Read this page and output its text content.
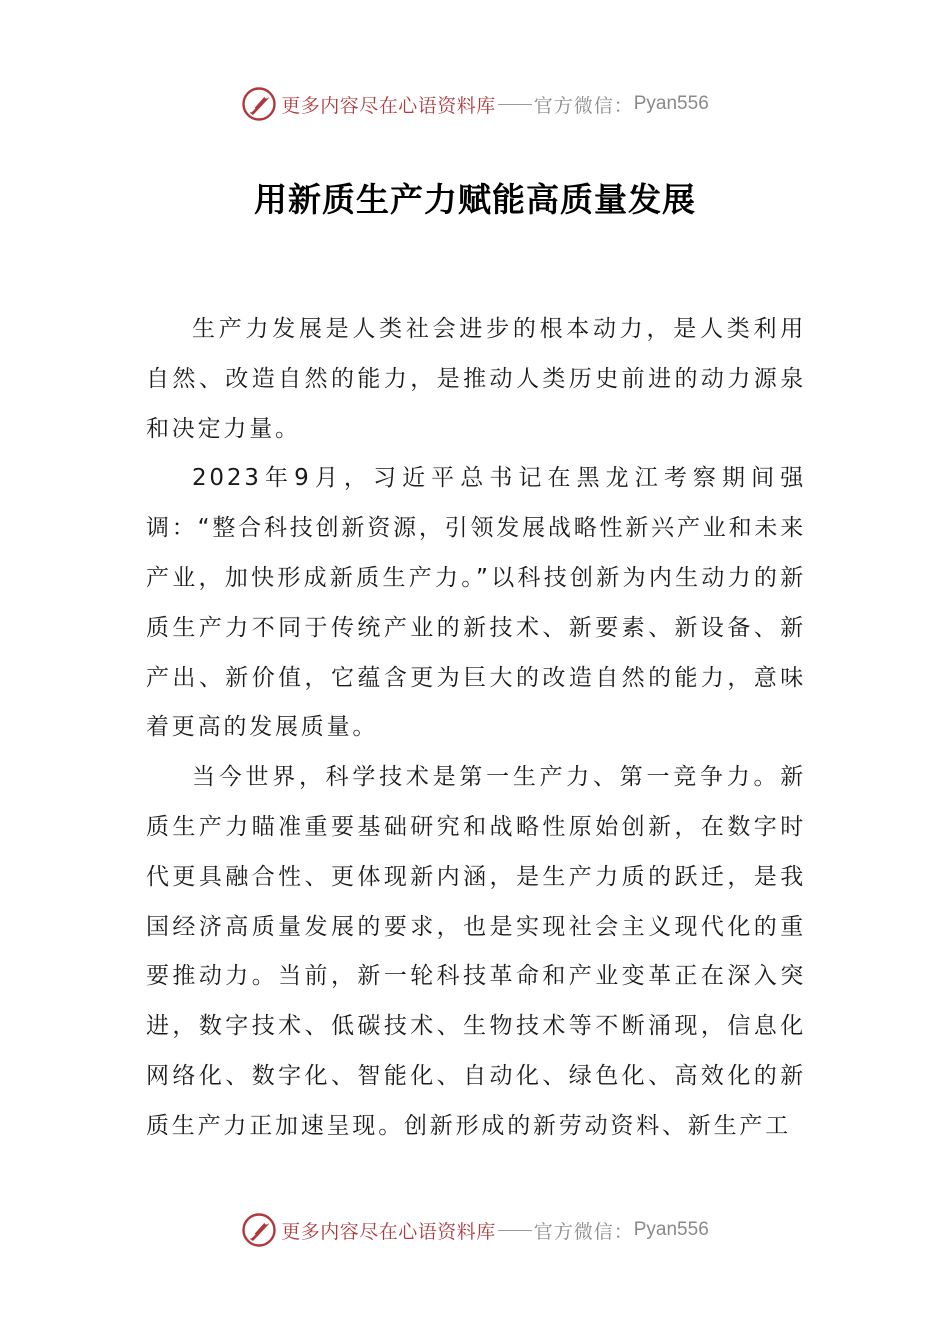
更多内容尽在心语资料库 官方微信： Pyan556
用新质生产力赋能高质量发展

生产力发展是人类社会进步的根本动力，是人类利用自然、改造自然的能力，是推动人类历史前进的动力源泉和决定力量。

2023年9月，习近平总书记在黑龙江考察期间强调：“整合科技创新资源，引领发展战略性新兴产业和未来产业，加快形成新质生产力。”以科技创新为内生动力的新质生产力不同于传统产业的新技术、新要素、新设备、新产出、新价值，它蕴含更为巨大的改造自然的能力，意味着更高的发展质量。

当今世界，科学技术是第一生产力、第一竞争力。新质生产力瞄准重要基础研究和战略性原始创新，在数字时代更具融合性、更体现新内涵，是生产力质的跃迁，是我国经济高质量发展的要求，也是实现社会主义现代化的重要推动力。当前，新一轮科技革命和产业变革正在深入突进，数字技术、低碳技术、生物技术等不断涌现，信息化网络化、数字化、智能化、自动化、绿色化、高效化的新质生产力正加速呈现。创新形成的新劳动资料、新生产工

更多内容尽在心语资料库 官方微信： Pyan556
